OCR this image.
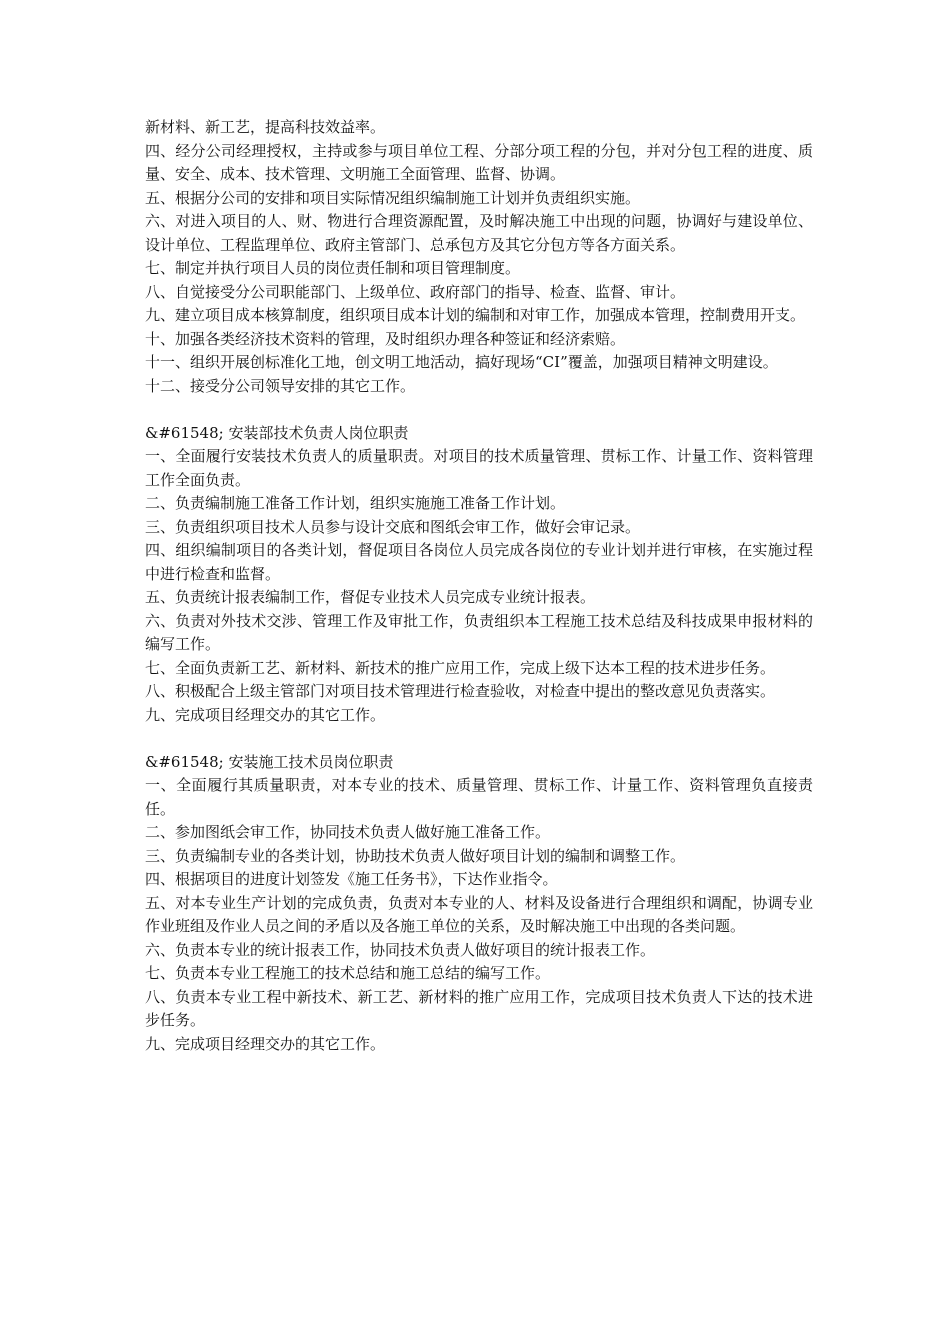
新材料、新工艺，提高科技效益率。

四、经分公司经理授权，主持或参与项目单位工程、分部分项工程的分包，并对分包工程的进度、质量、安全、成本、技术管理、文明施工全面管理、监督、协调。

五、根据分公司的安排和项目实际情况组织编制施工计划并负责组织实施。

六、对进入项目的人、财、物进行合理资源配置，及时解决施工中出现的问题，协调好与建设单位、设计单位、工程监理单位、政府主管部门、总承包方及其它分包方等各方面关系。

七、制定并执行项目人员的岗位责任制和项目管理制度。

八、自觉接受分公司职能部门、上级单位、政府部门的指导、检查、监督、审计。

九、建立项目成本核算制度，组织项目成本计划的编制和对审工作，加强成本管理，控制费用开支。

十、加强各类经济技术资料的管理，及时组织办理各种签证和经济索赔。

十一、组织开展创标准化工地，创文明工地活动，搞好现场“CI”覆盖，加强项目精神文明建设。

十二、接受分公司领导安排的其它工作。

&#61548; 安装部技术负责人岗位职责

一、全面履行安装技术负责人的质量职责。对项目的技术质量管理、贯标工作、计量工作、资料管理工作全面负责。

二、负责编制施工准备工作计划，组织实施施工准备工作计划。

三、负责组织项目技术人员参与设计交底和图纸会审工作，做好会审记录。

四、组织编制项目的各类计划，督促项目各岗位人员完成各岗位的专业计划并进行审核，在实施过程中进行检查和监督。

五、负责统计报表编制工作，督促专业技术人员完成专业统计报表。

六、负责对外技术交涉、管理工作及审批工作，负责组织本工程施工技术总结及科技成果申报材料的编写工作。

七、全面负责新工艺、新材料、新技术的推广应用工作，完成上级下达本工程的技术进步任务。

八、积极配合上级主管部门对项目技术管理进行检查验收，对检查中提出的整改意见负责落实。

九、完成项目经理交办的其它工作。

&#61548; 安装施工技术员岗位职责

一、全面履行其质量职责，对本专业的技术、质量管理、贯标工作、计量工作、资料管理负直接责任。

二、参加图纸会审工作，协同技术负责人做好施工准备工作。

三、负责编制专业的各类计划，协助技术负责人做好项目计划的编制和调整工作。

四、根据项目的进度计划签发《施工任务书》，下达作业指令。

五、对本专业生产计划的完成负责，负责对本专业的人、材料及设备进行合理组织和调配，协调专业作业班组及作业人员之间的矛盾以及各施工单位的关系，及时解决施工中出现的各类问题。

六、负责本专业的统计报表工作，协同技术负责人做好项目的统计报表工作。

七、负责本专业工程施工的技术总结和施工总结的编写工作。

八、负责本专业工程中新技术、新工艺、新材料的推广应用工作，完成项目技术负责人下达的技术进步任务。

九、完成项目经理交办的其它工作。
